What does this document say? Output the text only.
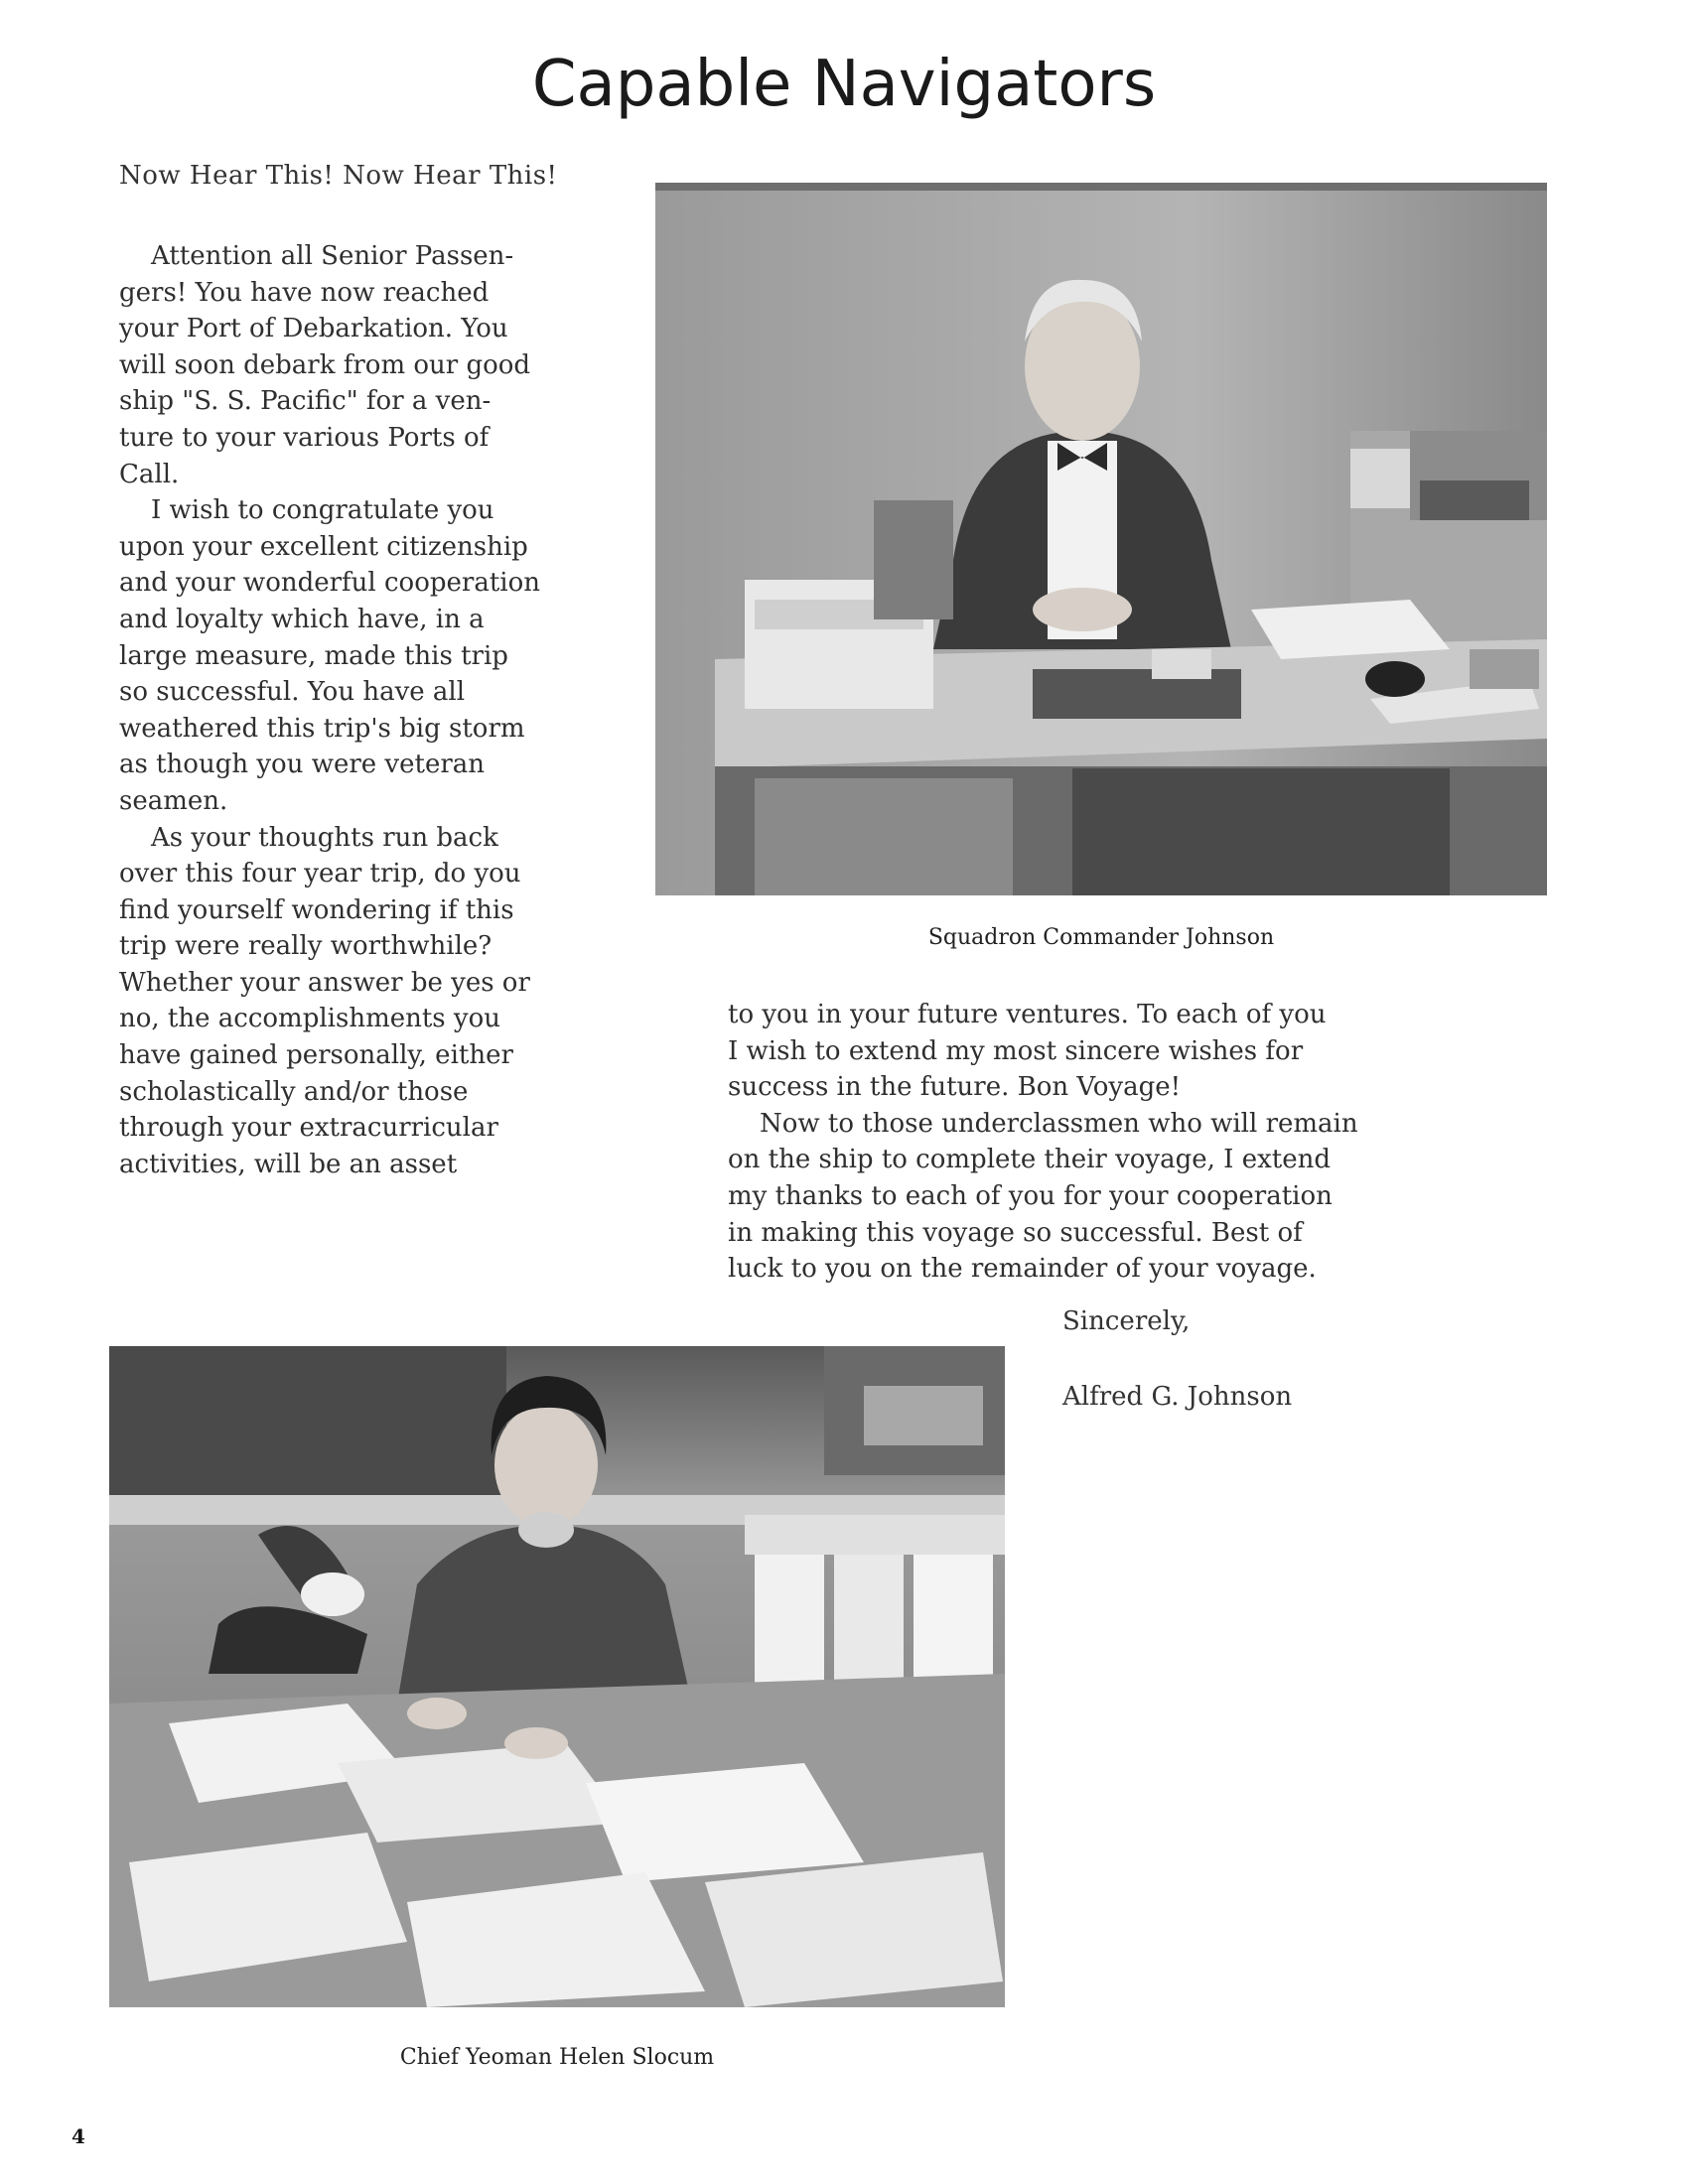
Capable Navigators
Now Hear This! Now Hear This!
Attention all Senior Passen-
gers! You have now reached
your Port of Debarkation. You
will soon debark from our good
ship "S. S. Pacific" for a ven-
ture to your various Ports of
Call.
I wish to congratulate you
upon your excellent citizenship
and your wonderful cooperation
and loyalty which have, in a
large measure, made this trip
so successful. You have all
weathered this trip's big storm
as though you were veteran
seamen.
As your thoughts run back
over this four year trip, do you
find yourself wondering if this
trip were really worthwhile?
Whether your answer be yes or
no, the accomplishments you
have gained personally, either
scholastically and/or those
through your extracurricular
activities, will be an asset
Squadron Commander Johnson
to you in your future ventures. To each of you
I wish to extend my most sincere wishes for
success in the future. Bon Voyage!
Now to those underclassmen who will remain
on the ship to complete their voyage, I extend
my thanks to each of you for your cooperation
in making this voyage so successful. Best of
luck to you on the remainder of your voyage.
Sincerely,
Alfred G. Johnson
Chief Yeoman Helen Slocum
4
